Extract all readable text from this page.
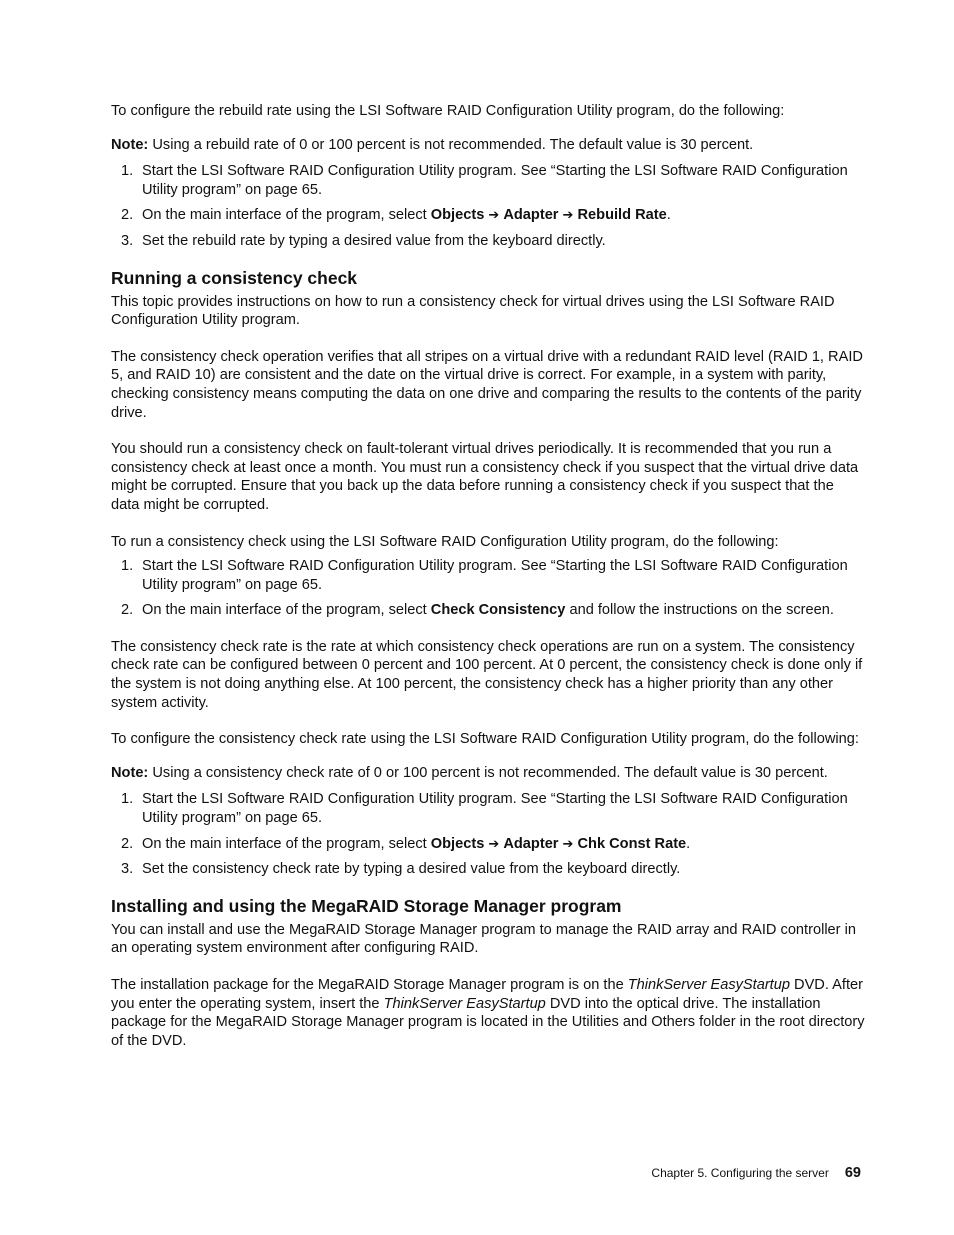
To configure the rebuild rate using the LSI Software RAID Configuration Utility program, do the following:

Note: Using a rebuild rate of 0 or 100 percent is not recommended. The default value is 30 percent.

1. Start the LSI Software RAID Configuration Utility program. See “Starting the LSI Software RAID Configuration Utility program” on page 65.
2. On the main interface of the program, select Objects ➔ Adapter ➔ Rebuild Rate.
3. Set the rebuild rate by typing a desired value from the keyboard directly.
Running a consistency check

This topic provides instructions on how to run a consistency check for virtual drives using the LSI Software RAID Configuration Utility program.

The consistency check operation verifies that all stripes on a virtual drive with a redundant RAID level (RAID 1, RAID 5, and RAID 10) are consistent and the date on the virtual drive is correct. For example, in a system with parity, checking consistency means computing the data on one drive and comparing the results to the contents of the parity drive.

You should run a consistency check on fault-tolerant virtual drives periodically. It is recommended that you run a consistency check at least once a month. You must run a consistency check if you suspect that the virtual drive data might be corrupted. Ensure that you back up the data before running a consistency check if you suspect that the data might be corrupted.

To run a consistency check using the LSI Software RAID Configuration Utility program, do the following:

1. Start the LSI Software RAID Configuration Utility program. See “Starting the LSI Software RAID Configuration Utility program” on page 65.
2. On the main interface of the program, select Check Consistency and follow the instructions on the screen.

The consistency check rate is the rate at which consistency check operations are run on a system. The consistency check rate can be configured between 0 percent and 100 percent. At 0 percent, the consistency check is done only if the system is not doing anything else. At 100 percent, the consistency check has a higher priority than any other system activity.

To configure the consistency check rate using the LSI Software RAID Configuration Utility program, do the following:

Note: Using a consistency check rate of 0 or 100 percent is not recommended. The default value is 30 percent.

1. Start the LSI Software RAID Configuration Utility program. See “Starting the LSI Software RAID Configuration Utility program” on page 65.
2. On the main interface of the program, select Objects ➔ Adapter ➔ Chk Const Rate.
3. Set the consistency check rate by typing a desired value from the keyboard directly.
Installing and using the MegaRAID Storage Manager program

You can install and use the MegaRAID Storage Manager program to manage the RAID array and RAID controller in an operating system environment after configuring RAID.

The installation package for the MegaRAID Storage Manager program is on the ThinkServer EasyStartup DVD. After you enter the operating system, insert the ThinkServer EasyStartup DVD into the optical drive. The installation package for the MegaRAID Storage Manager program is located in the Utilities and Others folder in the root directory of the DVD.

Chapter 5. Configuring the server 69
